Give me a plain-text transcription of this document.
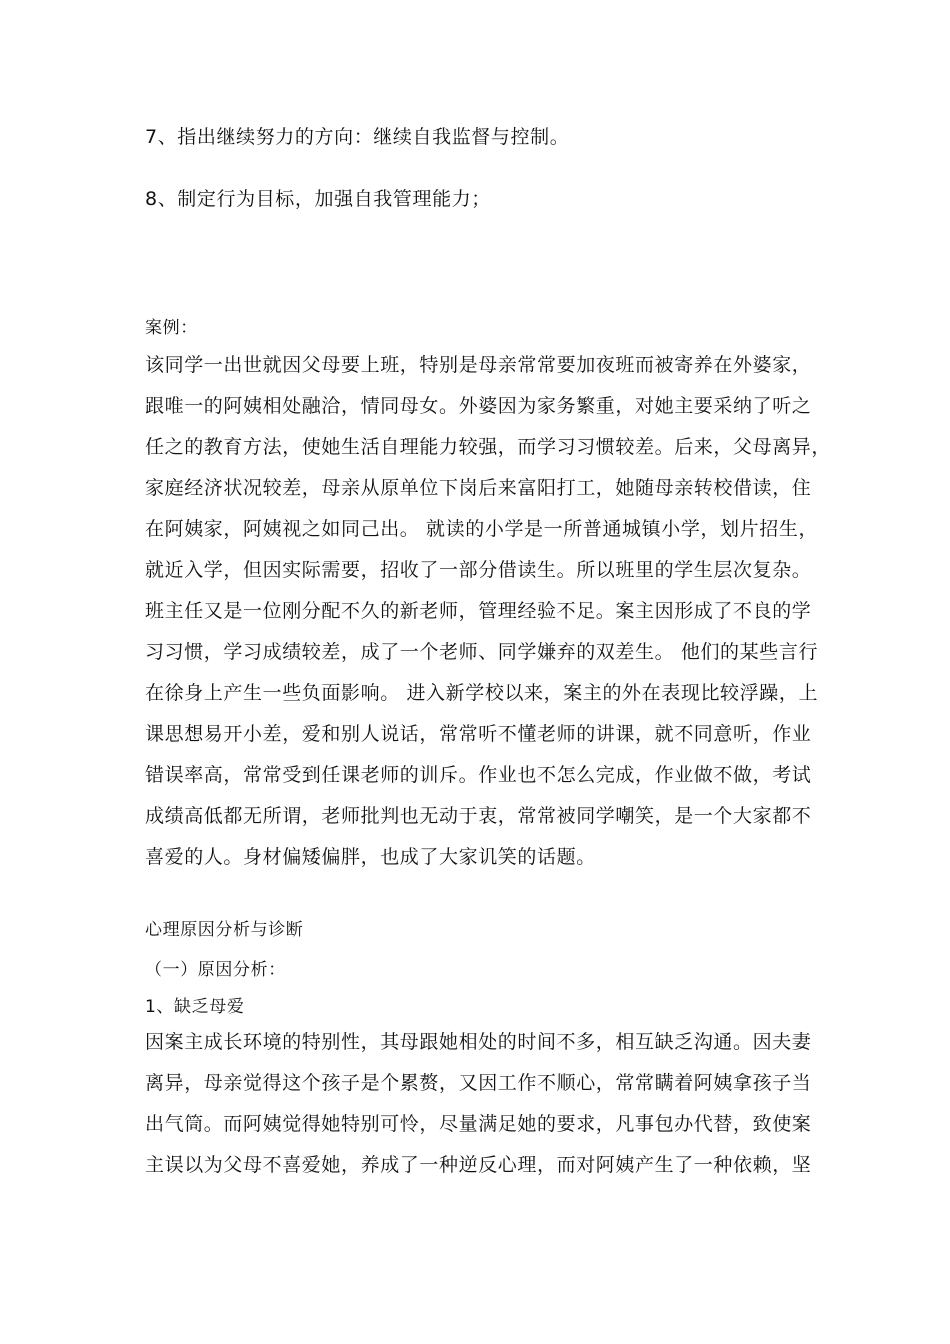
7、指出继续努力的方向：继续自我监督与控制。
8、制定行为目标，加强自我管理能力；
案例：
该同学一出世就因父母要上班，特别是母亲常常要加夜班而被寄养在外婆家，
跟唯一的阿姨相处融洽，情同母女。外婆因为家务繁重，对她主要采纳了听之
任之的教育方法，使她生活自理能力较强，而学习习惯较差。后来，父母离异，
家庭经济状况较差，母亲从原单位下岗后来富阳打工，她随母亲转校借读，住
在阿姨家，阿姨视之如同己出。 就读的小学是一所普通城镇小学，划片招生，
就近入学，但因实际需要，招收了一部分借读生。所以班里的学生层次复杂。
班主任又是一位刚分配不久的新老师，管理经验不足。案主因形成了不良的学
习习惯，学习成绩较差，成了一个老师、同学嫌弃的双差生。 他们的某些言行
在徐身上产生一些负面影响。 进入新学校以来，案主的外在表现比较浮躁，上
课思想易开小差，爱和别人说话，常常听不懂老师的讲课，就不同意听，作业
错误率高，常常受到任课老师的训斥。作业也不怎么完成，作业做不做，考试
成绩高低都无所谓，老师批判也无动于衷，常常被同学嘲笑，是一个大家都不
喜爱的人。身材偏矮偏胖，也成了大家讥笑的话题。
心理原因分析与诊断
（一）原因分析：
1、缺乏母爱
因案主成长环境的特别性，其母跟她相处的时间不多，相互缺乏沟通。因夫妻
离异，母亲觉得这个孩子是个累赘，又因工作不顺心，常常瞒着阿姨拿孩子当
出气筒。而阿姨觉得她特别可怜，尽量满足她的要求，凡事包办代替，致使案
主误以为父母不喜爱她，养成了一种逆反心理，而对阿姨产生了一种依赖，坚
